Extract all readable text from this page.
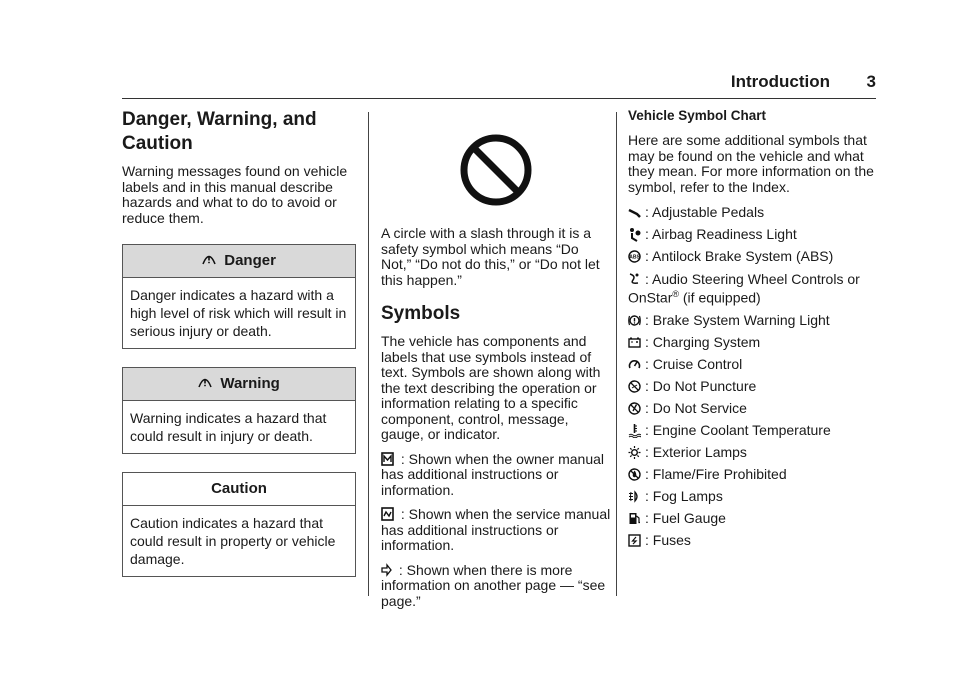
Introduction 3
Danger, Warning, and
Caution

Warning messages found on vehicle labels and in this manual describe hazards and what to do to avoid or reduce them.

Danger
Danger indicates a hazard with a high level of risk which will result in serious injury or death.
Warning
Warning indicates a hazard that could result in injury or death.
Caution
Caution indicates a hazard that could result in property or vehicle damage.

A circle with a slash through it is a safety symbol which means “Do Not,” “Do not do this,” or “Do not let this happen.”

Symbols

The vehicle has components and labels that use symbols instead of text. Symbols are shown along with the text describing the operation or information relating to a specific component, control, message, gauge, or indicator.

: Shown when the owner manual has additional instructions or information.

: Shown when the service manual has additional instructions or information.

: Shown when there is more information on another page — “see page.”

Vehicle Symbol Chart

Here are some additional symbols that may be found on the vehicle and what they mean. For more information on the symbol, refer to the Index.

: Adjustable Pedals
: Airbag Readiness Light
ABS : Antilock Brake System (ABS)
: Audio Steering Wheel Controls or OnStar® (if equipped)
: Brake System Warning Light
: Charging System
: Cruise Control
: Do Not Puncture
: Do Not Service
: Engine Coolant Temperature
: Exterior Lamps
: Flame/Fire Prohibited
: Fog Lamps
: Fuel Gauge
: Fuses
